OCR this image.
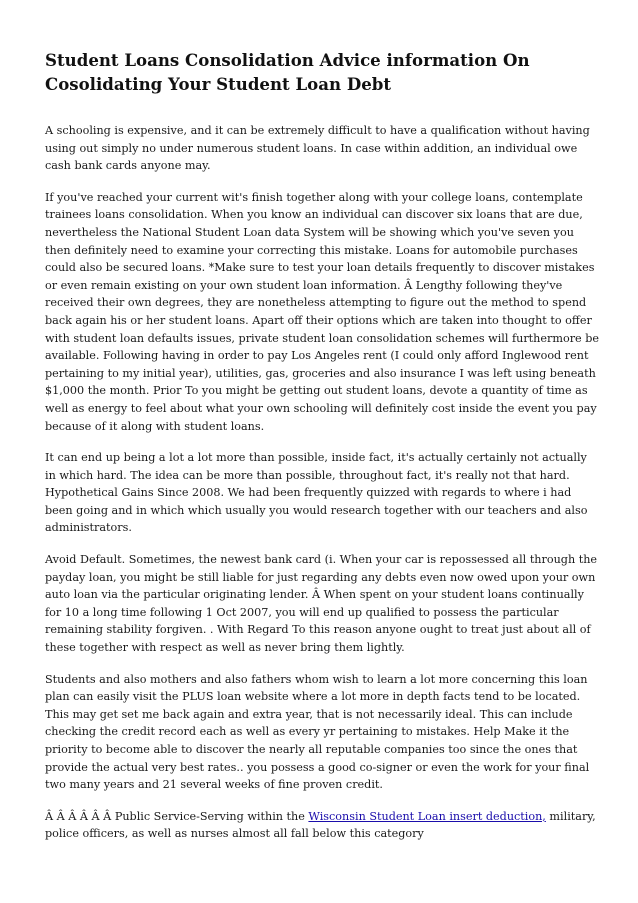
Student Loans Consolidation Advice information On Cosolidating Your Student Loan Debt

A schooling is expensive, and it can be extremely difficult to have a qualification without having using out simply no under numerous student loans. In case within addition, an individual owe cash bank cards anyone may.

If you've reached your current wit's finish together along with your college loans, contemplate trainees loans consolidation. When you know an individual can discover six loans that are due, nevertheless the National Student Loan data System will be showing which you've seven you then definitely need to examine your correcting this mistake. Loans for automobile purchases could also be secured loans. *Make sure to test your loan details frequently to discover mistakes or even remain existing on your own student loan information. Â Lengthy following they've received their own degrees, they are nonetheless attempting to figure out the method to spend back again his or her student loans. Apart off their options which are taken into thought to offer with student loan defaults issues, private student loan consolidation schemes will furthermore be available. Following having in order to pay Los Angeles rent (I could only afford Inglewood rent pertaining to my initial year), utilities, gas, groceries and also insurance I was left using beneath $1,000 the month. Prior To you might be getting out student loans, devote a quantity of time as well as energy to feel about what your own schooling will definitely cost inside the event you pay because of it along with student loans.

It can end up being a lot a lot more than possible, inside fact, it's actually certainly not actually in which hard. The idea can be more than possible, throughout fact, it's really not that hard. Hypothetical Gains Since 2008. We had been frequently quizzed with regards to where i had been going and in which which usually you would research together with our teachers and also administrators.

Avoid Default. Sometimes, the newest bank card (i. When your car is repossessed all through the payday loan, you might be still liable for just regarding any debts even now owed upon your own auto loan via the particular originating lender. Â When spent on your student loans continually for 10 a long time following 1 Oct 2007, you will end up qualified to possess the particular remaining stability forgiven. . With Regard To this reason anyone ought to treat just about all of these together with respect as well as never bring them lightly.

Students and also mothers and also fathers whom wish to learn a lot more concerning this loan plan can easily visit the PLUS loan website where a lot more in depth facts tend to be located. This may get set me back again and extra year, that is not necessarily ideal. This can include checking the credit record each as well as every yr pertaining to mistakes. Help Make it the priority to become able to discover the nearly all reputable companies too since the ones that provide the actual very best rates.. you possess a good co-signer or even the work for your final two many years and 21 several weeks of fine proven credit.

Â Â Â Â Â Â Public Service-Serving within the Wisconsin Student Loan insert deduction, military, police officers, as well as nurses almost all fall below this category
